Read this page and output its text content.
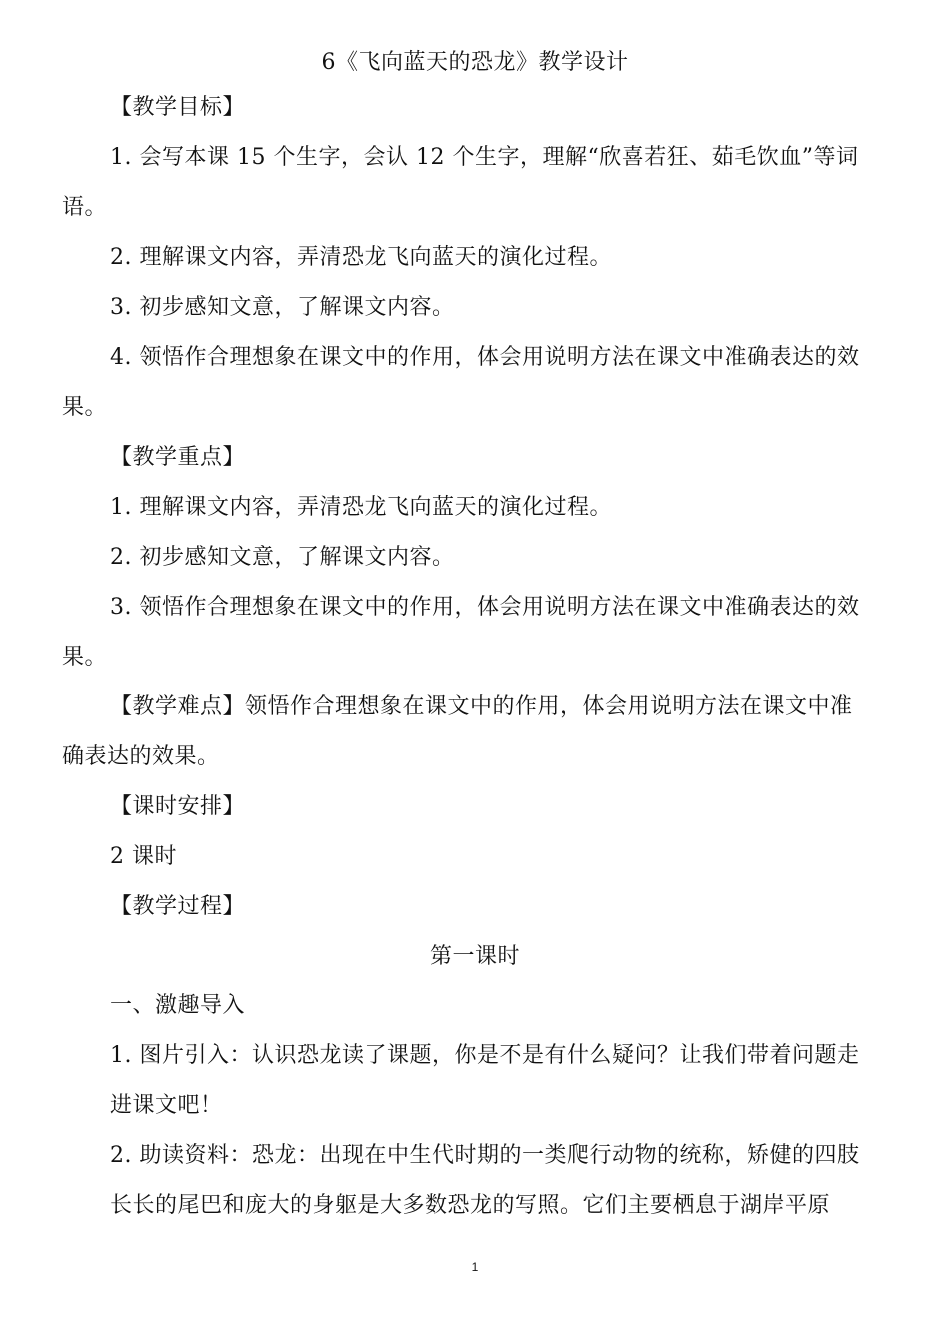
6《飞向蓝天的恐龙》教学设计
【教学目标】
1. 会写本课 15 个生字，会认 12 个生字，理解“欣喜若狂、茹毛饮血”等词
语。
2. 理解课文内容，弄清恐龙飞向蓝天的演化过程。
3. 初步感知文意，了解课文内容。
4. 领悟作合理想象在课文中的作用，体会用说明方法在课文中准确表达的效
果。
【教学重点】
1. 理解课文内容，弄清恐龙飞向蓝天的演化过程。
2. 初步感知文意，了解课文内容。
3. 领悟作合理想象在课文中的作用，体会用说明方法在课文中准确表达的效
果。
【教学难点】领悟作合理想象在课文中的作用，体会用说明方法在课文中准
确表达的效果。
【课时安排】
2 课时
【教学过程】
第一课时
一、激趣导入
1. 图片引入：认识恐龙读了课题，你是不是有什么疑问？让我们带着问题走
进课文吧！
2. 助读资料：恐龙：出现在中生代时期的一类爬行动物的统称，矫健的四肢
长长的尾巴和庞大的身躯是大多数恐龙的写照。它们主要栖息于湖岸平原
1
